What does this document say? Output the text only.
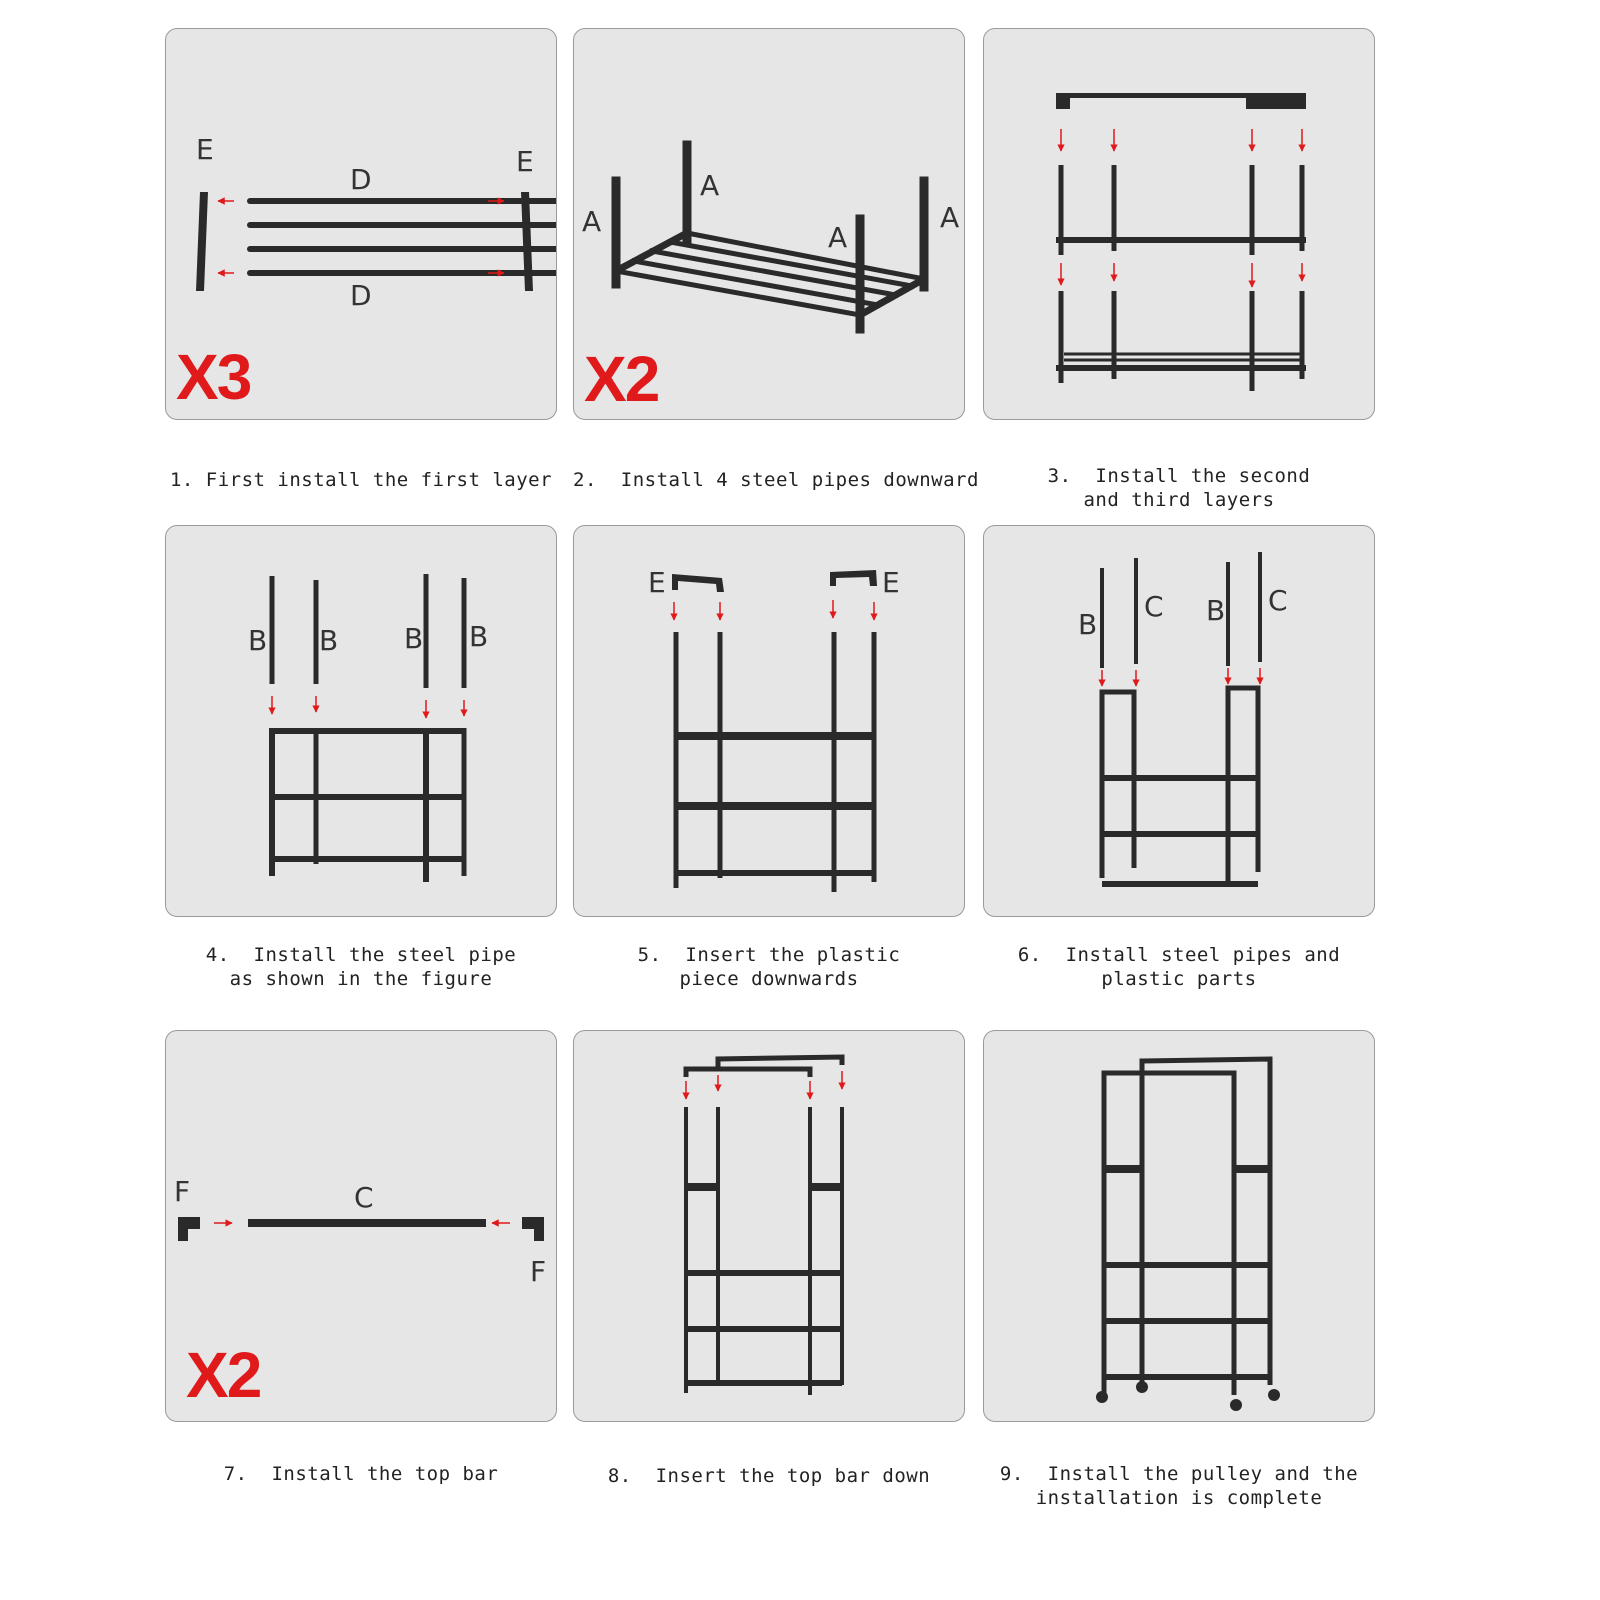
E	E
D
D
X3
1. First install the first layer
A
A
A
A
X2
2.  Install 4 steel pipes downward	3.  Install the second
and third layers
B B B B
4.  Install the steel pipe
as shown in the figure
E	E
5.  Insert the plastic
piece downwards
B
C B C
6.  Install steel pipes and
plastic parts
F	C
F
X2
7.  Install the top bar	8.  Insert the top bar down	9.  Install the pulley and the
installation is complete
